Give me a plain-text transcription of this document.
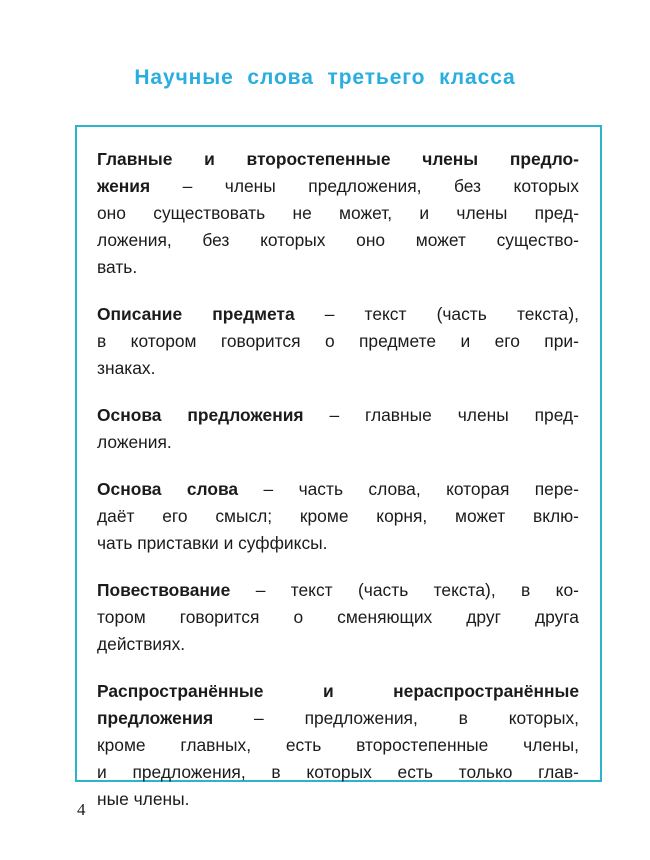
Научные слова третьего класса
Главные и второстепенные члены предло-
жения – члены предложения, без которых
оно существовать не может, и члены пред-
ложения, без которых оно может существо-
вать.
Описание предмета – текст (часть текста),
в котором говорится о предмете и его при-
знаках.
Основа предложения – главные члены пред-
ложения.
Основа слова – часть слова, которая пере-
даёт его смысл; кроме корня, может вклю-
чать приставки и суффиксы.
Повествование – текст (часть текста), в ко-
тором говорится о сменяющих друг друга
действиях.
Распространённые	и	нераспространённые
предложения – предложения, в которых,
кроме главных, есть второстепенные члены,
и предложения, в которых есть только глав-
ные члены.
4
